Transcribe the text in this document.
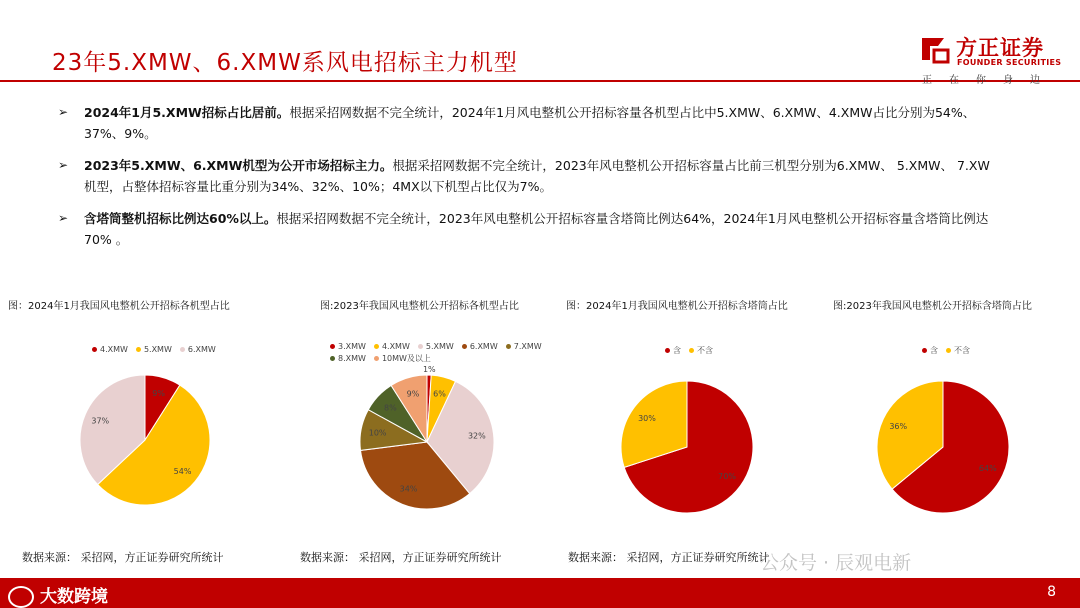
23年5.XMW、6.XMW系风电招标主力机型
方正证券
FOUNDER SECURITIES
正在你身边
➢ 2024年1月5.XMW招标占比居前。根据采招网数据不完全统计，2024年1月风电整机公开招标容量各机型占比中5.XMW、6.XMW、4.XMW占比分别为54%、37%、9%。
➢ 2023年5.XMW、6.XMW机型为公开市场招标主力。根据采招网数据不完全统计，2023年风电整机公开招标容量占比前三机型分别为6.XMW、 5.XMW、 7.XW机型，占整体招标容量比重分别为34%、32%、10%；4MX以下机型占比仅为7%。
➢ 含塔筒整机招标比例达60%以上。根据采招网数据不完全统计，2023年风电整机公开招标容量含塔筒比例达64%，2024年1月风电整机公开招标容量含塔筒比例达70% 。
图：2024年1月我国风电整机公开招标各机型占比
4.XMW 5.XMW 6.XMW
9%
54%
37%
数据来源： 采招网，方正证券研究所统计
图:2023年我国风电整机公开招标各机型占比
3.XMW 4.XMW 5.XMW 6.XMW 7.XMW
8.XMW 10MW及以上
1%
6%
32%
34%
10%
8%
9%
数据来源： 采招网，方正证券研究所统计
图：2024年1月我国风电整机公开招标含塔筒占比
含 不含
70%
30%
数据来源： 采招网，方正证券研究所统计
图:2023年我国风电整机公开招标含塔筒占比
含 不含
64%
36%
公众号 · 辰观电新
大数跨境	8
